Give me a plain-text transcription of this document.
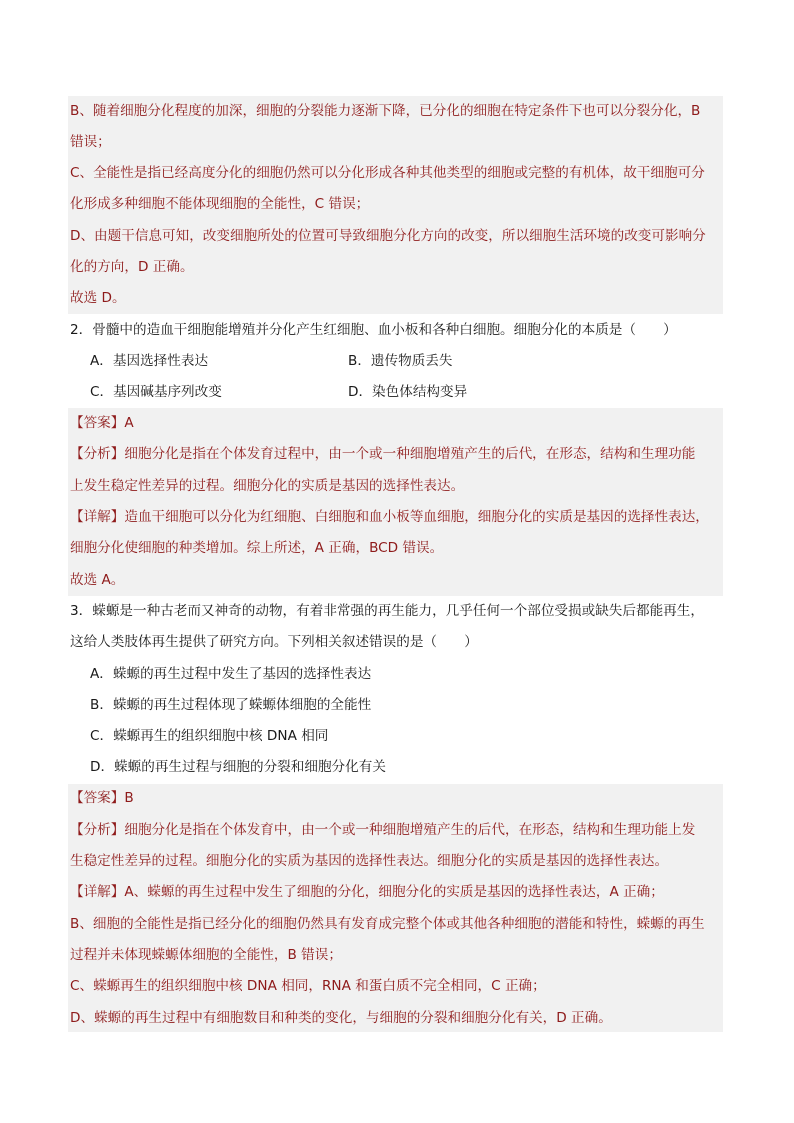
B、随着细胞分化程度的加深，细胞的分裂能力逐渐下降，已分化的细胞在特定条件下也可以分裂分化，B
错误；
C、全能性是指已经高度分化的细胞仍然可以分化形成各种其他类型的细胞或完整的有机体，故干细胞可分
化形成多种细胞不能体现细胞的全能性，C 错误；
D、由题干信息可知，改变细胞所处的位置可导致细胞分化方向的改变，所以细胞生活环境的改变可影响分
化的方向，D 正确。
故选 D。
2．骨髓中的造血干细胞能增殖并分化产生红细胞、血小板和各种白细胞。细胞分化的本质是（　　）
A．基因选择性表达	B．遗传物质丢失
C．基因碱基序列改变	D．染色体结构变异
【答案】A
【分析】细胞分化是指在个体发育过程中，由一个或一种细胞增殖产生的后代，在形态，结构和生理功能
上发生稳定性差异的过程。细胞分化的实质是基因的选择性表达。
【详解】造血干细胞可以分化为红细胞、白细胞和血小板等血细胞，细胞分化的实质是基因的选择性表达，
细胞分化使细胞的种类增加。综上所述，A 正确，BCD 错误。
故选 A。
3．蝾螈是一种古老而又神奇的动物，有着非常强的再生能力，几乎任何一个部位受损或缺失后都能再生，
这给人类肢体再生提供了研究方向。下列相关叙述错误的是（　　）
A．蝾螈的再生过程中发生了基因的选择性表达
B．蝾螈的再生过程体现了蝾螈体细胞的全能性
C．蝾螈再生的组织细胞中核 DNA 相同
D．蝾螈的再生过程与细胞的分裂和细胞分化有关
【答案】B
【分析】细胞分化是指在个体发育中，由一个或一种细胞增殖产生的后代，在形态，结构和生理功能上发
生稳定性差异的过程。细胞分化的实质为基因的选择性表达。细胞分化的实质是基因的选择性表达。
【详解】A、蝾螈的再生过程中发生了细胞的分化，细胞分化的实质是基因的选择性表达，A 正确；
B、细胞的全能性是指已经分化的细胞仍然具有发育成完整个体或其他各种细胞的潜能和特性，蝾螈的再生
过程并未体现蝾螈体细胞的全能性，B 错误；
C、蝾螈再生的组织细胞中核 DNA 相同，RNA 和蛋白质不完全相同，C 正确；
D、蝾螈的再生过程中有细胞数目和种类的变化，与细胞的分裂和细胞分化有关，D 正确。
